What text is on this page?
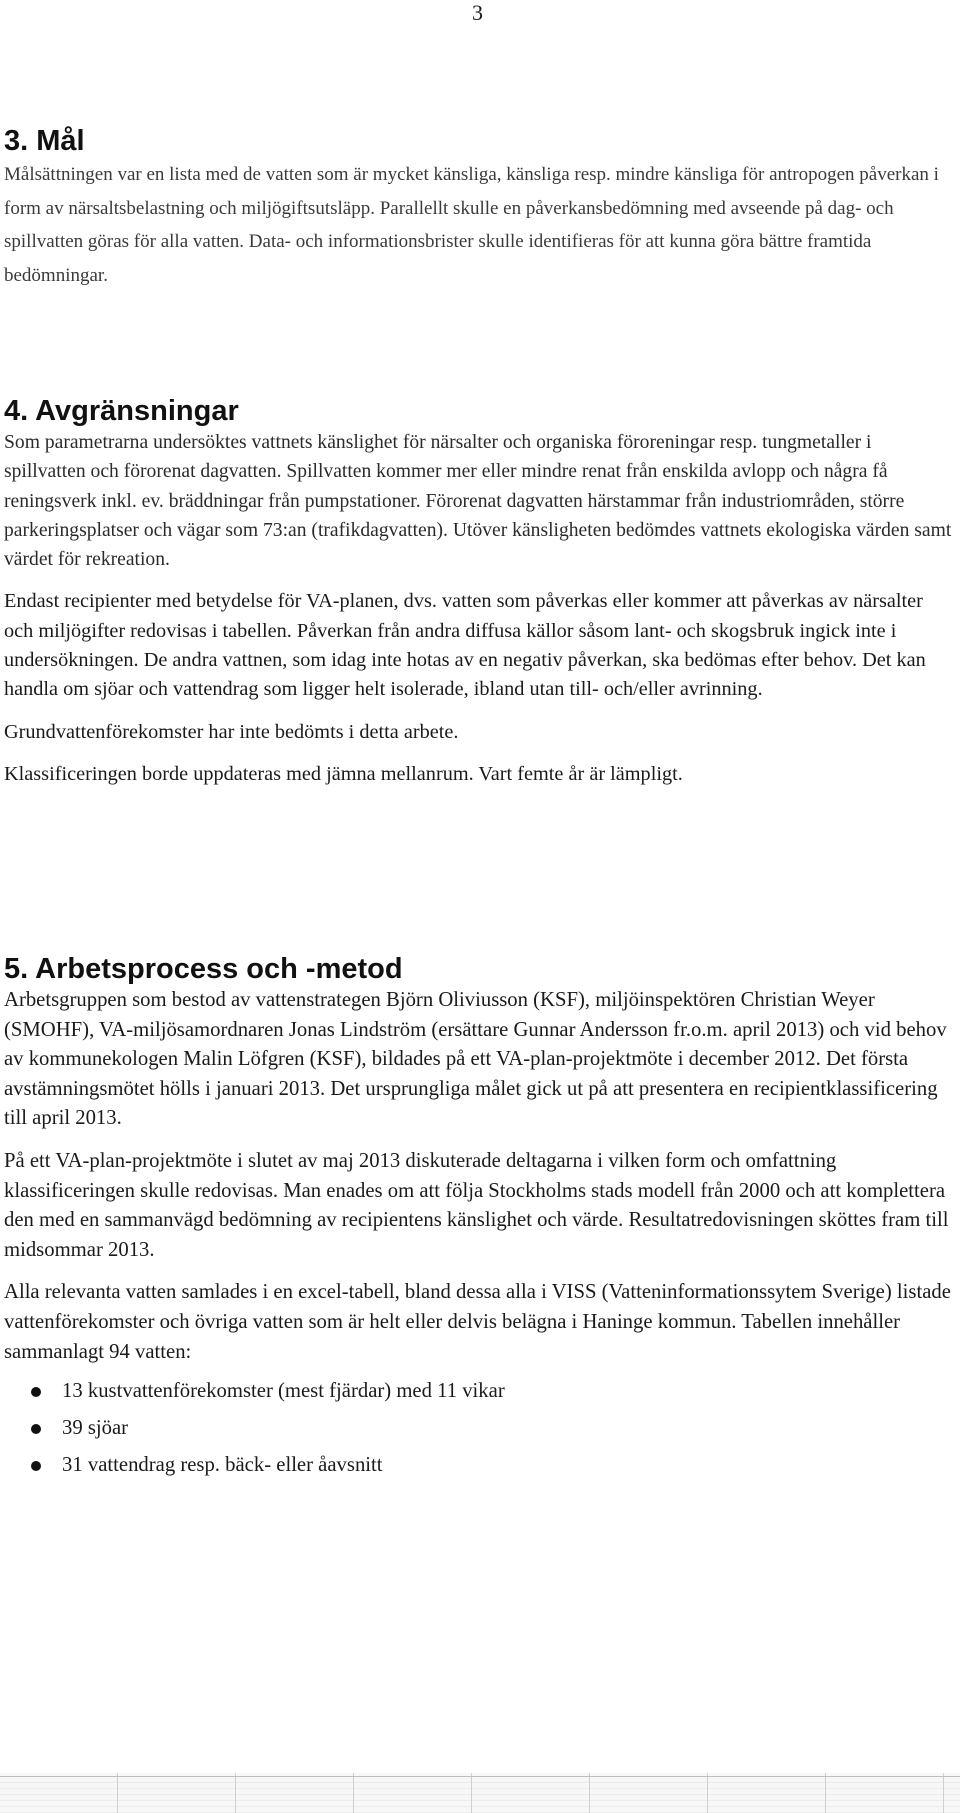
3
3. Mål

Målsättningen var en lista med de vatten som är mycket känsliga, känsliga resp. mindre känsliga för antropogen påverkan i form av närsaltsbelastning och miljögiftsutsläpp. Parallellt skulle en påverkansbedömning med avseende på dag- och spillvatten göras för alla vatten. Data- och informationsbrister skulle identifieras för att kunna göra bättre framtida bedömningar.

4. Avgränsningar

Som parametrarna undersöktes vattnets känslighet för närsalter och organiska föroreningar resp. tungmetaller i spillvatten och förorenat dagvatten. Spillvatten kommer mer eller mindre renat från enskilda avlopp och några få reningsverk inkl. ev. bräddningar från pumpstationer. Förorenat dagvatten härstammar från industriområden, större parkeringsplatser och vägar som 73:an (trafikdagvatten). Utöver känsligheten bedömdes vattnets ekologiska värden samt värdet för rekreation.

Endast recipienter med betydelse för VA-planen, dvs. vatten som påverkas eller kommer att påverkas av närsalter och miljögifter redovisas i tabellen. Påverkan från andra diffusa källor såsom lant- och skogsbruk ingick inte i undersökningen. De andra vattnen, som idag inte hotas av en negativ påverkan, ska bedömas efter behov. Det kan handla om sjöar och vattendrag som ligger helt isolerade, ibland utan till- och/eller avrinning.

Grundvattenförekomster har inte bedömts i detta arbete.

Klassificeringen borde uppdateras med jämna mellanrum. Vart femte år är lämpligt.

5. Arbetsprocess och -metod

Arbetsgruppen som bestod av vattenstrategen Björn Oliviusson (KSF), miljöinspektören Christian Weyer (SMOHF), VA-miljösamordnaren Jonas Lindström (ersättare Gunnar Andersson fr.o.m. april 2013) och vid behov av kommunekologen Malin Löfgren (KSF), bildades på ett VA-plan-projektmöte i december 2012. Det första avstämningsmötet hölls i januari 2013. Det ursprungliga målet gick ut på att presentera en recipientklassificering till april 2013.

På ett VA-plan-projektmöte i slutet av maj 2013 diskuterade deltagarna i vilken form och omfattning klassificeringen skulle redovisas. Man enades om att följa Stockholms stads modell från 2000 och att komplettera den med en sammanvägd bedömning av recipientens känslighet och värde. Resultatredovisningen sköttes fram till midsommar 2013.

Alla relevanta vatten samlades i en excel-tabell, bland dessa alla i VISS (Vatteninformationssytem Sverige) listade vattenförekomster och övriga vatten som är helt eller delvis belägna i Haninge kommun. Tabellen innehåller sammanlagt 94 vatten:

13 kustvattenförekomster (mest fjärdar) med 11 vikar
39 sjöar
31 vattendrag resp. bäck- eller åavsnitt
